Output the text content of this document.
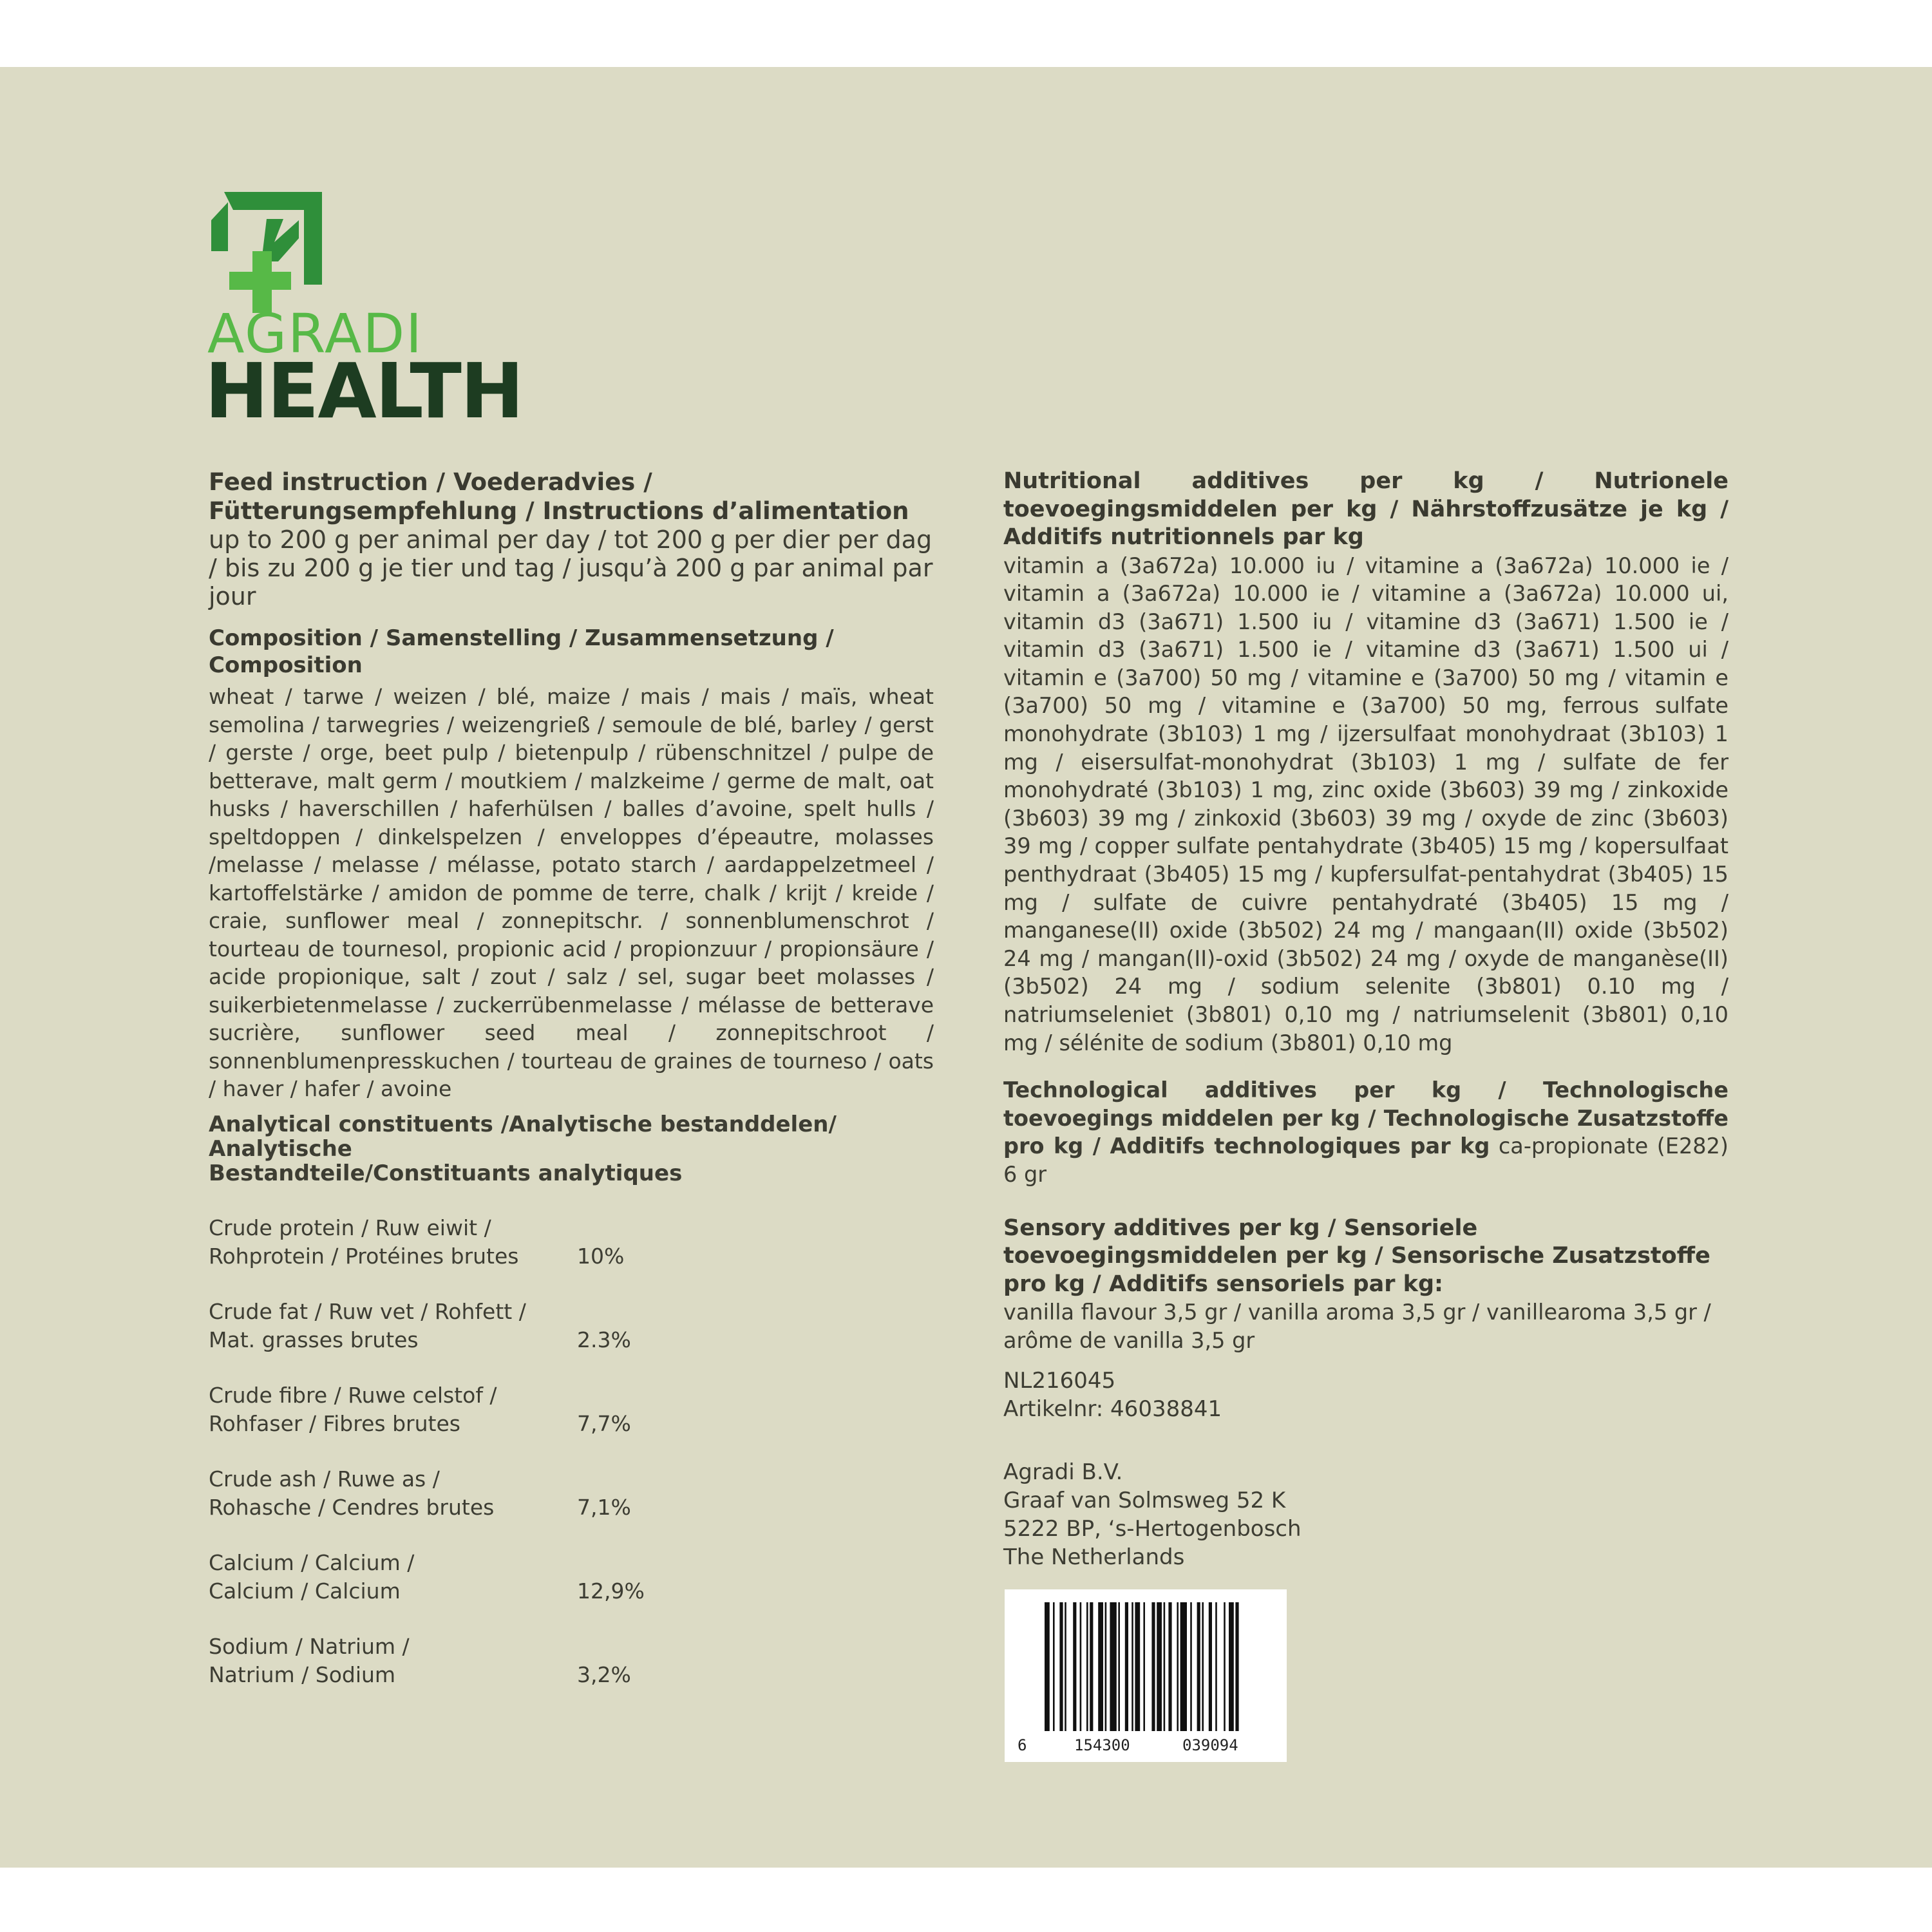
AGRADI
HEALTH

Feed instruction / Voederadvies /

Fütterungsempfehlung / Instructions d’alimentation

up to 200 g per animal per day / tot 200 g per dier per dag / bis zu 200 g je tier und tag / jusqu’à 200 g par animal par jour

Composition / Samenstelling / Zusammensetzung / Composition

wheat / tarwe / weizen / blé, maize / mais / mais / maïs, wheat semolina / tarwegries / weizengrieß / semoule de blé, barley / gerst / gerste / orge, beet pulp / bietenpulp / rübenschnitzel / pulpe de betterave, malt germ / moutkiem / malzkeime / germe de malt, oat husks / haverschillen / haferhülsen / balles d’avoine, spelt hulls / speltdoppen / dinkelspelzen / enveloppes d’épeautre, molasses /melasse / melasse / mélasse, potato starch / aardappelzetmeel / kartoffelstärke / amidon de pomme de terre, chalk / krijt / kreide / craie, sunflower meal / zonnepitschr. / sonnenblumenschrot / tourteau de tournesol, propionic acid / propionzuur / propionsäure / acide propionique, salt / zout / salz / sel, sugar beet molasses / suikerbietenmelasse / zuckerrübenmelasse / mélasse de betterave sucrière, sunflower seed meal / zonnepitschroot / sonnenblumenpresskuchen / tourteau de graines de tourneso / oats / haver / hafer / avoine

Analytical constituents /Analytische bestanddelen/ Analytische

Bestandteile/Constituants analytiques

Crude protein / Ruw eiwit /
Rohprotein / Protéines brutes	10%
Crude fat / Ruw vet / Rohfett /
Mat. grasses brutes	2.3%
Crude fibre / Ruwe celstof /
Rohfaser / Fibres brutes	7,7%
Crude ash / Ruwe as /
Rohasche / Cendres brutes	7,1%
Calcium / Calcium /
Calcium / Calcium	12,9%
Sodium / Natrium /
Natrium / Sodium	3,2%

Nutritional additives per kg / Nutrionele toevoegingsmiddelen per kg / Nährstoffzusätze je kg / Additifs nutritionnels par kg

vitamin a (3a672a) 10.000 iu / vitamine a (3a672a) 10.000 ie / vitamin a (3a672a) 10.000 ie / vitamine a (3a672a) 10.000 ui, vitamin d3 (3a671) 1.500 iu / vitamine d3 (3a671) 1.500 ie / vitamin d3 (3a671) 1.500 ie / vitamine d3 (3a671) 1.500 ui / vitamin e (3a700) 50 mg / vitamine e (3a700) 50 mg / vitamin e (3a700) 50 mg / vitamine e (3a700) 50 mg, ferrous sulfate monohydrate (3b103) 1 mg / ijzersulfaat monohydraat (3b103) 1 mg / eisersulfat-monohydrat (3b103) 1 mg / sulfate de fer monohydraté (3b103) 1 mg, zinc oxide (3b603) 39 mg / zinkoxide (3b603) 39 mg / zinkoxid (3b603) 39 mg / oxyde de zinc (3b603) 39 mg / copper sulfate pentahydrate (3b405) 15 mg / kopersulfaat penthydraat (3b405) 15 mg / kupfersulfat-pentahydrat (3b405) 15 mg / sulfate de cuivre pentahydraté (3b405) 15 mg / manganese(II) oxide (3b502) 24 mg / mangaan(II) oxide (3b502) 24 mg / mangan(II)-oxid (3b502) 24 mg / oxyde de manganèse(II) (3b502) 24 mg / sodium selenite (3b801) 0.10 mg / natriumseleniet (3b801) 0,10 mg / natriumselenit (3b801) 0,10 mg / sélénite de sodium (3b801) 0,10 mg

Technological additives per kg / Technologische toevoegings middelen per kg / Technologische Zusatzstoffe pro kg / Additifs technologiques par kg ca-propionate (E282) 6 gr

Sensory additives per kg / Sensoriele toevoegingsmiddelen per kg / Sensorische Zusatzstoffe pro kg / Additifs sensoriels par kg:

vanilla flavour 3,5 gr / vanilla aroma 3,5 gr / vanillearoma 3,5 gr / arôme de vanilla 3,5 gr

NL216045
Artikelnr: 46038841
Agradi B.V.
Graaf van Solmsweg 52 K
5222 BP, ‘s-Hertogenbosch
The Netherlands
6	154300	039094
